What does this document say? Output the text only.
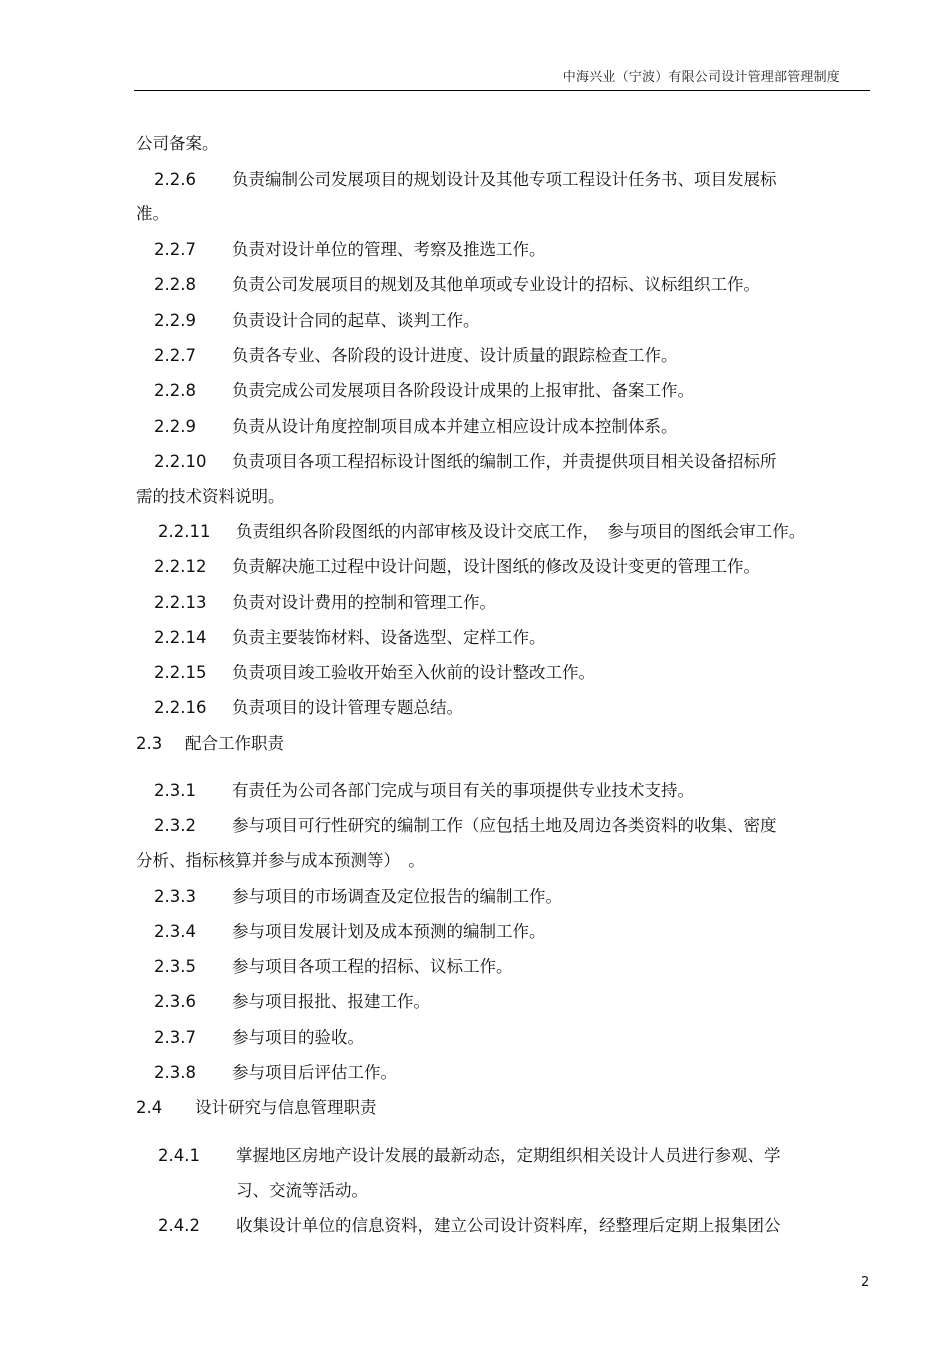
中海兴业（宁波）有限公司设计管理部管理制度
公司备案。
2.2.6 负责编制公司发展项目的规划设计及其他专项工程设计任务书、项目发展标
准。
2.2.7 负责对设计单位的管理、考察及推选工作。
2.2.8 负责公司发展项目的规划及其他单项或专业设计的招标、议标组织工作。
2.2.9 负责设计合同的起草、谈判工作。
2.2.7 负责各专业、各阶段的设计进度、设计质量的跟踪检查工作。
2.2.8 负责完成公司发展项目各阶段设计成果的上报审批、备案工作。
2.2.9 负责从设计角度控制项目成本并建立相应设计成本控制体系。
2.2.10 负责项目各项工程招标设计图纸的编制工作，并责提供项目相关设备招标所
需的技术资料说明。
2.2.11 负责组织各阶段图纸的内部审核及设计交底工作，　参与项目的图纸会审工作。
2.2.12 负责解决施工过程中设计问题，设计图纸的修改及设计变更的管理工作。
2.2.13 负责对设计费用的控制和管理工作。
2.2.14 负责主要装饰材料、设备选型、定样工作。
2.2.15 负责项目竣工验收开始至入伙前的设计整改工作。
2.2.16 负责项目的设计管理专题总结。
2.3 配合工作职责
2.3.1 有责任为公司各部门完成与项目有关的事项提供专业技术支持。
2.3.2 参与项目可行性研究的编制工作（应包括土地及周边各类资料的收集、密度
分析、指标核算并参与成本预测等）　。
2.3.3 参与项目的市场调查及定位报告的编制工作。
2.3.4 参与项目发展计划及成本预测的编制工作。
2.3.5 参与项目各项工程的招标、议标工作。
2.3.6 参与项目报批、报建工作。
2.3.7 参与项目的验收。
2.3.8 参与项目后评估工作。
2.4 设计研究与信息管理职责
2.4.1 掌握地区房地产设计发展的最新动态，定期组织相关设计人员进行参观、学
习、交流等活动。
2.4.2 收集设计单位的信息资料，建立公司设计资料库，经整理后定期上报集团公
2
